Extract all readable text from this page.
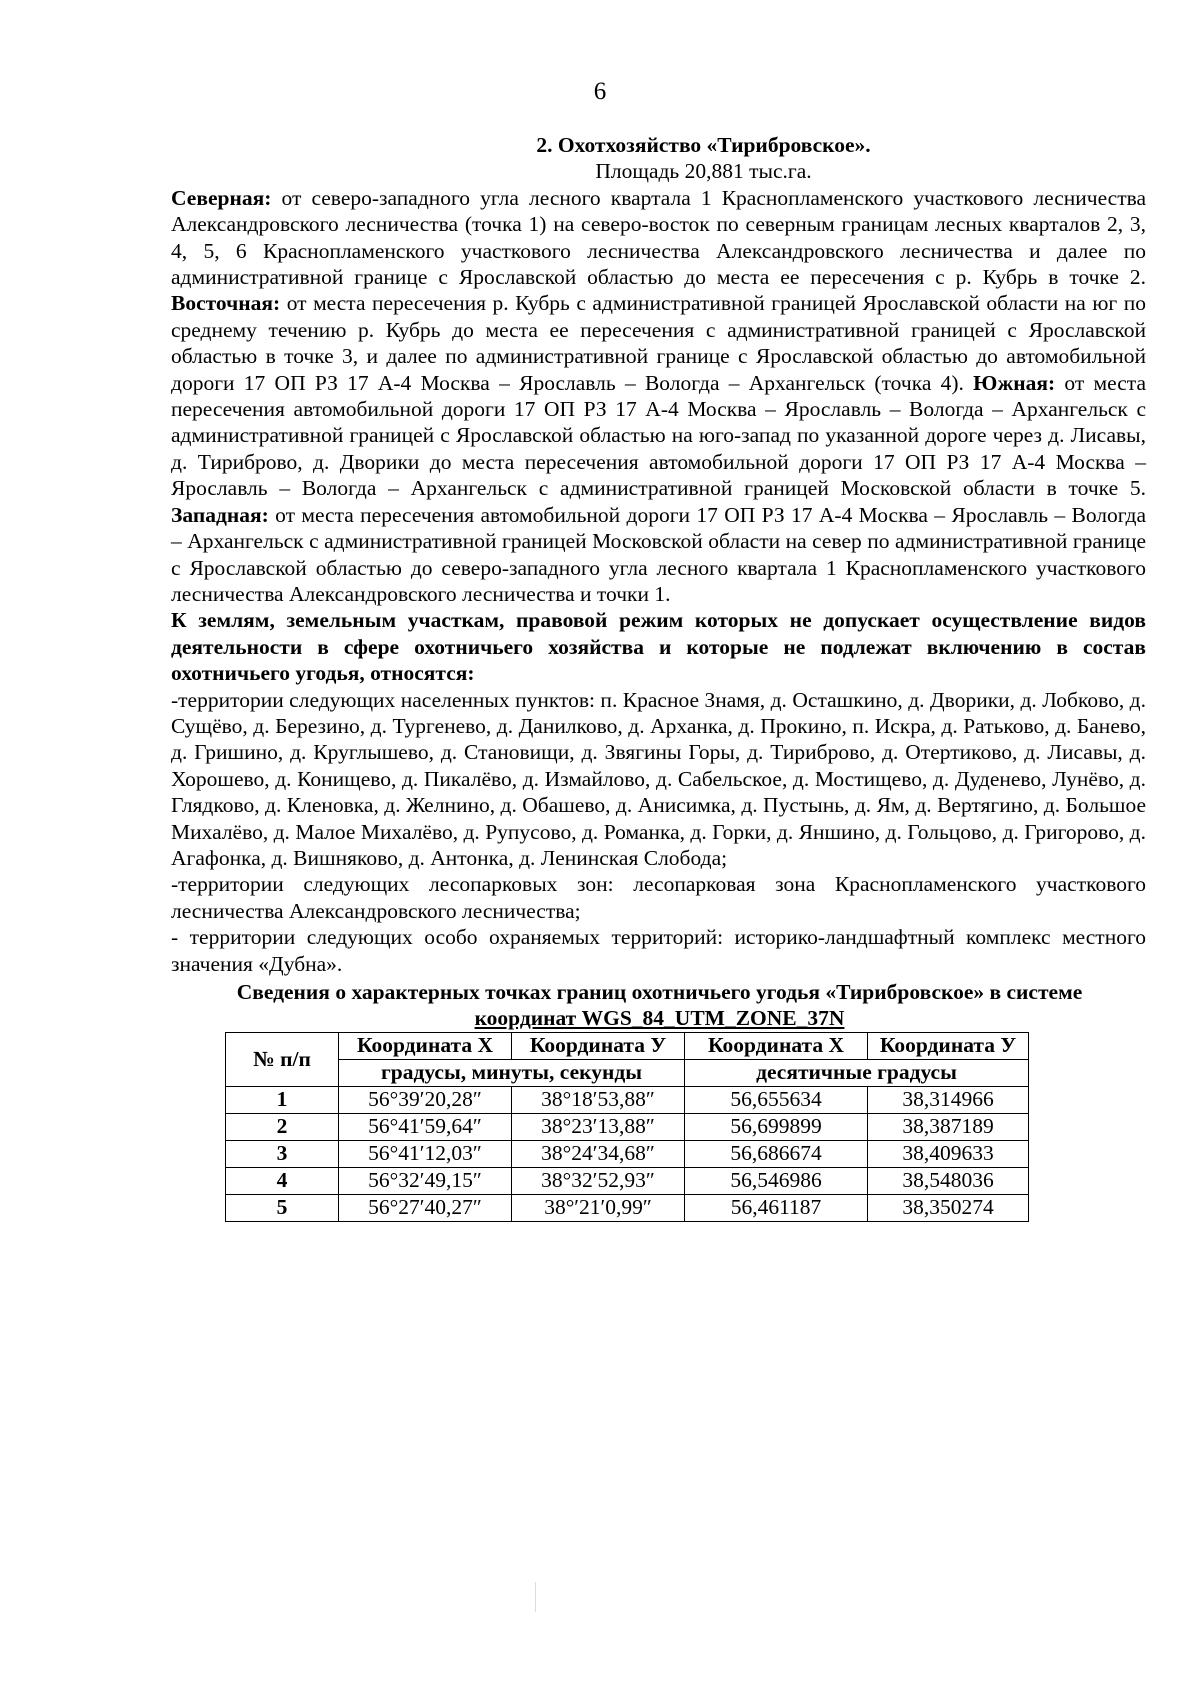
6
2. Охотхозяйство «Тирибровское».
Площадь 20,881 тыс.га.

Северная: от северо-западного угла лесного квартала 1 Краснопламенского участкового лесничества Александровского лесничества (точка 1) на северо-восток по северным границам лесных кварталов 2, 3, 4, 5, 6 Краснопламенского участкового лесничества Александровского лесничества и далее по административной границе с Ярославской областью до места ее пересечения с р. Кубрь в точке 2. Восточная: от места пересечения р. Кубрь с административной границей Ярославской области на юг по среднему течению р. Кубрь до места ее пересечения с административной границей с Ярославской областью в точке 3, и далее по административной границе с Ярославской областью до автомобильной дороги 17 ОП РЗ 17 А-4 Москва – Ярославль – Вологда – Архангельск (точка 4). Южная: от места пересечения автомобильной дороги 17 ОП РЗ 17 А-4 Москва – Ярославль – Вологда – Архангельск с административной границей с Ярославской областью на юго-запад по указанной дороге через д. Лисавы, д. Тириброво, д. Дворики до места пересечения автомобильной дороги 17 ОП РЗ 17 А-4 Москва – Ярославль – Вологда – Архангельск с административной границей Московской области в точке 5. Западная: от места пересечения автомобильной дороги 17 ОП РЗ 17 А-4 Москва – Ярославль – Вологда – Архангельск с административной границей Московской области на север по административной границе с Ярославской областью до северо-западного угла лесного квартала 1 Краснопламенского участкового лесничества Александровского лесничества и точки 1.

К землям, земельным участкам, правовой режим которых не допускает осуществление видов деятельности в сфере охотничьего хозяйства и которые не подлежат включению в состав охотничьего угодья, относятся:

-территории следующих населенных пунктов: п. Красное Знамя, д. Осташкино, д. Дворики, д. Лобково, д. Сущёво, д. Березино, д. Тургенево, д. Данилково, д. Арханка, д. Прокино, п. Искра, д. Ратьково, д. Банево, д. Гришино, д. Круглышево, д. Становищи, д. Звягины Горы, д. Тириброво, д. Отертиково, д. Лисавы, д. Хорошево, д. Конищево, д. Пикалёво, д. Измайлово, д. Сабельское, д. Мостищево, д. Дуденево, Лунёво, д. Глядково, д. Кленовка, д. Желнино, д. Обашево, д. Анисимка, д. Пустынь, д. Ям, д. Вертягино, д. Большое Михалёво, д. Малое Михалёво, д. Рупусово, д. Романка, д. Горки, д. Яншино, д. Гольцово, д. Григорово, д. Агафонка, д. Вишняково, д. Антонка, д. Ленинская Слобода;

-территории следующих лесопарковых зон: лесопарковая зона Краснопламенского участкового лесничества Александровского лесничества;

- территории следующих особо охраняемых территорий: историко-ландшафтный комплекс местного значения «Дубна».

Сведения о характерных точках границ охотничьего угодья «Тирибровское» в системе
координат WGS_84_UTM_ZONE_37N
№ п/п	Координата X	Координата У	Координата X	Координата У
	градусы, минуты, секунды		десятичные градусы	
1	56°39′20,28″	38°18′53,88″	56,655634	38,314966
2	56°41′59,64″	38°23′13,88″	56,699899	38,387189
3	56°41′12,03″	38°24′34,68″	56,686674	38,409633
4	56°32′49,15″	38°32′52,93″	56,546986	38,548036
5	56°27′40,27″	38°′21′0,99″	56,461187	38,350274
